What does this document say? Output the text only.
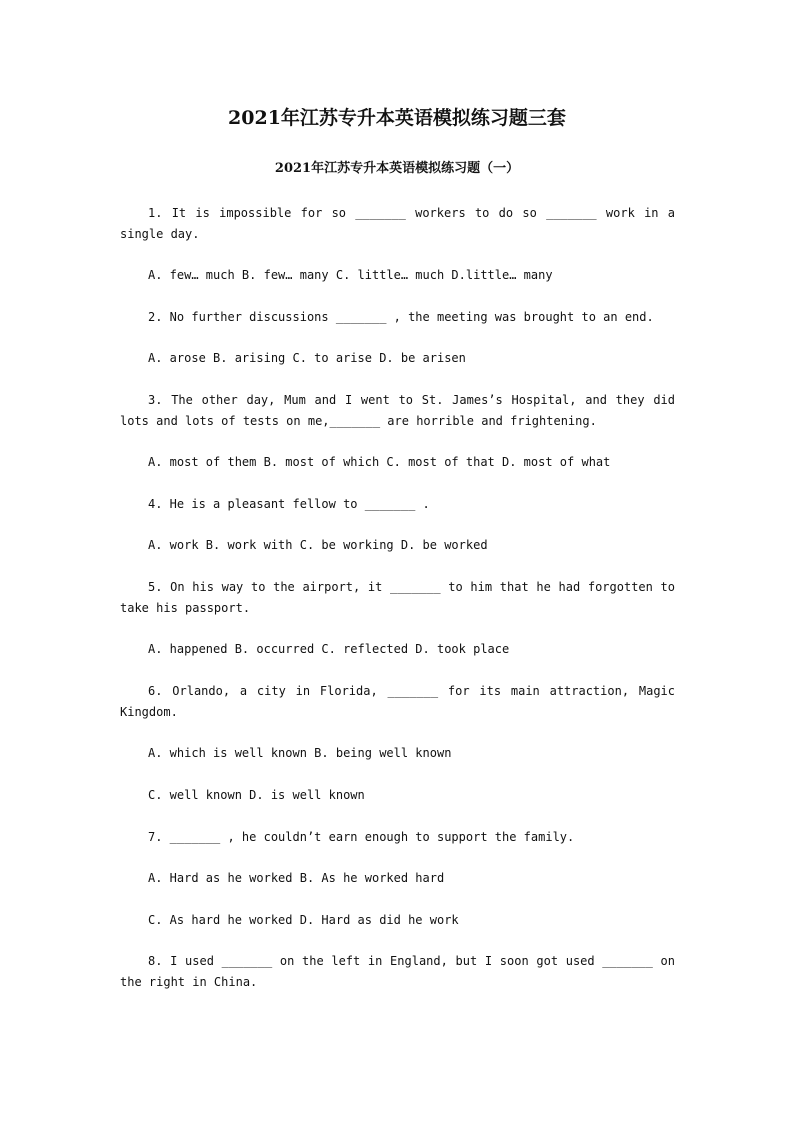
2021年江苏专升本英语模拟练习题三套
2021年江苏专升本英语模拟练习题（一）

1. It is impossible for so _______ workers to do so _______ work in a single day.

A. few… much B. few… many C. little… much D.little… many

2. No further discussions _______ , the meeting was brought to an end.

A. arose B. arising C. to arise D. be arisen

3. The other day, Mum and I went to St. James’s Hospital, and they did lots and lots of tests on me,_______ are horrible and frightening.

A. most of them B. most of which C. most of that D. most of what

4. He is a pleasant fellow to _______ .

A. work B. work with C. be working D. be worked

5. On his way to the airport, it _______ to him that he had forgotten to take his passport.

A. happened B. occurred C. reflected D. took place

6. Orlando, a city in Florida, _______ for its main attraction, Magic Kingdom.

A. which is well known B. being well known

C. well known D. is well known

7. _______ , he couldn’t earn enough to support the family.

A. Hard as he worked B. As he worked hard

C. As hard he worked D. Hard as did he work

8. I used _______ on the left in England, but I soon got used _______ on the right in China.
